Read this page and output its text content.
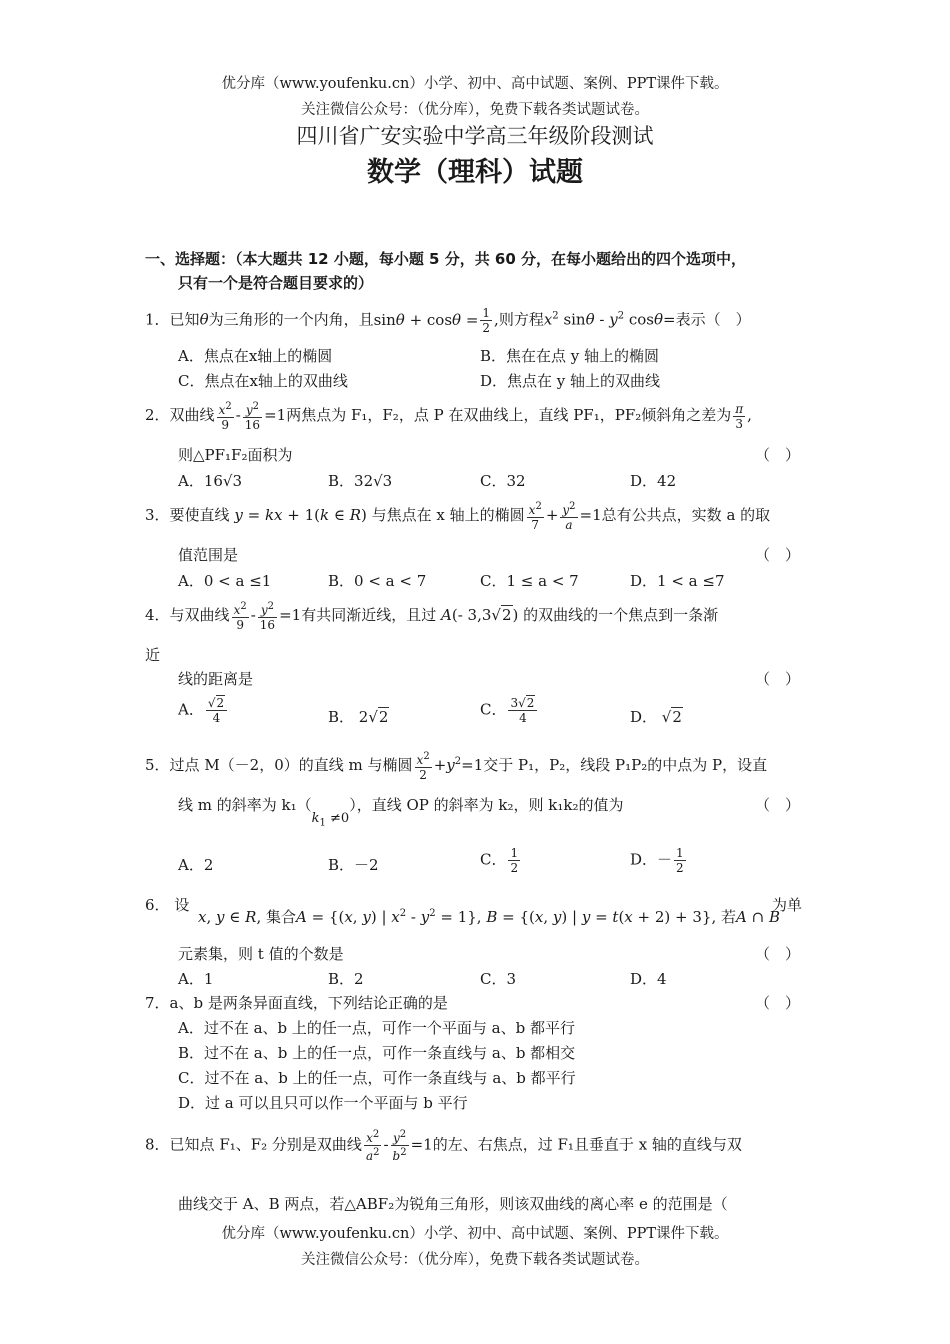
优分库（www.youfenku.cn）小学、初中、高中试题、案例、PPT课件下载。
关注微信公众号：（优分库），免费下载各类试题试卷。
四川省广安实验中学高三年级阶段测试
数学（理科）试题
一、选择题：（本大题共 12 小题，每小题 5 分，共 60 分，在每小题给出的四个选项中，
只有一个是符合题目要求的）
1．已知θ为三角形的一个内角，且$\sin\theta + \cos\theta = \frac{1}{2}$ ,则方程$x^2$ sinθ - $y^2$ cosθ=表示（　）
A．焦点在x轴上的椭圆	B．焦在在点 y 轴上的椭圆
C．焦点在x轴上的双曲线	D．焦点在 y 轴上的双曲线
2．双曲线 $\frac{x^2}{9} - \frac{y^2}{16} =1$两焦点为 F₁，F₂，点 P 在双曲线上，直线 PF₁，PF₂倾斜角之差为 $\frac{\pi}{3}$ ,
则△PF₁F₂面积为	（　）
A．16√3	B．32√3	C．32	D．42
3．要使直线 y = kx + 1(k ∈ R) 与焦点在 x 轴上的椭圆 $\frac{x^2}{7} + \frac{y^2}{a} =1$总有公共点，实数 a 的取
值范围是	（　）
A．0 < a ≤1	B．0 < a < 7	C．1 ≤ a < 7	D．1 < a ≤7
4．与双曲线 $\frac{x^2}{9} - \frac{y^2}{16} =1$有共同渐近线，且过 A(- 3,3√2) 的双曲线的一个焦点到一条渐
近
线的距离是	（　）
A． $\frac{√2}{4}$	B． 2√2	C． $\frac{3√2}{4}$	D． √2
5．过点 M（－2，0）的直线 m 与椭圆 $\frac{x^2}{2} +y^2=1$交于 P₁，P₂，线段 P₁P₂的中点为 P，设直
线 m 的斜率为 $k_1(k_1 \ne 0)$，直线 OP 的斜率为 k₂，则 k₁k₂的值为	（　）
A．2	B．－2	C． $\frac{1}{2}$	D．－ $\frac{1}{2}$
6． 设
x, y ∈ R, 集合A = {(x, y) | $x^2 - y^2 = 1$}, B = {(x, y) | y = t(x + 2) + 3}, 若A ∩ B
为单
元素集，则 t 值的个数是	（　）
A．1	B．2	C．3	D．4
7．a、b 是两条异面直线，下列结论正确的是	（　）
A．过不在 a、b 上的任一点，可作一个平面与 a、b 都平行
B．过不在 a、b 上的任一点，可作一条直线与 a、b 都相交
C．过不在 a、b 上的任一点，可作一条直线与 a、b 都平行
D．过 a 可以且只可以作一个平面与 b 平行
8．已知点 F₁、F₂ 分别是双曲线 $\frac{x^2}{a^2} - \frac{y^2}{b^2} =1$的左、右焦点，过 F₁且垂直于 x 轴的直线与双
曲线交于 A、B 两点，若△ABF₂为锐角三角形，则该双曲线的离心率 e 的范围是（
优分库（www.youfenku.cn）小学、初中、高中试题、案例、PPT课件下载。
关注微信公众号：（优分库），免费下载各类试题试卷。
